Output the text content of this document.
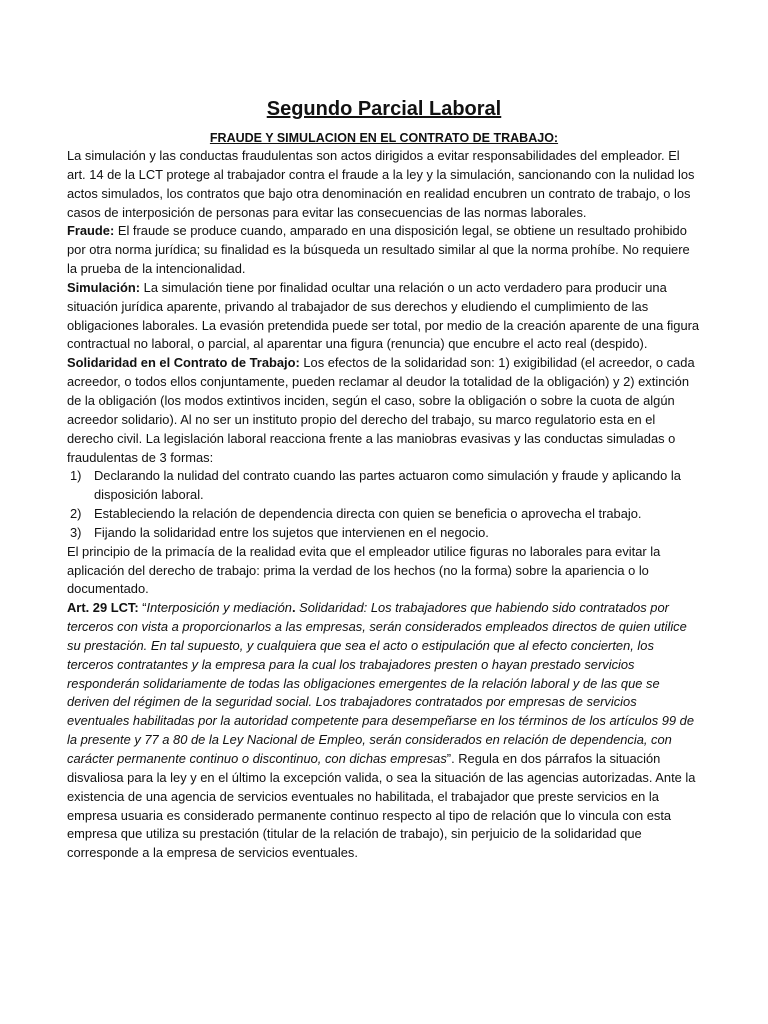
Segundo Parcial Laboral
FRAUDE Y SIMULACION EN EL CONTRATO DE TRABAJO:

La simulación y las conductas fraudulentas son actos dirigidos a evitar responsabilidades del empleador. El art. 14 de la LCT protege al trabajador contra el fraude a la ley y la simulación, sancionando con la nulidad los actos simulados, los contratos que bajo otra denominación en realidad encubren un contrato de trabajo, o los casos de interposición de personas para evitar las consecuencias de las normas laborales.

Fraude: El fraude se produce cuando, amparado en una disposición legal, se obtiene un resultado prohibido por otra norma jurídica; su finalidad es la búsqueda un resultado similar al que la norma prohíbe. No requiere la prueba de la intencionalidad.

Simulación: La simulación tiene por finalidad ocultar una relación o un acto verdadero para producir una situación jurídica aparente, privando al trabajador de sus derechos y eludiendo el cumplimiento de las obligaciones laborales. La evasión pretendida puede ser total, por medio de la creación aparente de una figura contractual no laboral, o parcial, al aparentar una figura (renuncia) que encubre el acto real (despido).

Solidaridad en el Contrato de Trabajo: Los efectos de la solidaridad son: 1) exigibilidad (el acreedor, o cada acreedor, o todos ellos conjuntamente, pueden reclamar al deudor la totalidad de la obligación) y 2) extinción de la obligación (los modos extintivos inciden, según el caso, sobre la obligación o sobre la cuota de algún acreedor solidario). Al no ser un instituto propio del derecho del trabajo, su marco regulatorio esta en el derecho civil. La legislación laboral reacciona frente a las maniobras evasivas y las conductas simuladas o fraudulentas de 3 formas:

1) Declarando la nulidad del contrato cuando las partes actuaron como simulación y fraude y aplicando la disposición laboral.
2) Estableciendo la relación de dependencia directa con quien se beneficia o aprovecha el trabajo.
3) Fijando la solidaridad entre los sujetos que intervienen en el negocio.

El principio de la primacía de la realidad evita que el empleador utilice figuras no laborales para evitar la aplicación del derecho de trabajo: prima la verdad de los hechos (no la forma) sobre la apariencia o lo documentado.

Art. 29 LCT: “Interposición y mediación. Solidaridad: Los trabajadores que habiendo sido contratados por terceros con vista a proporcionarlos a las empresas, serán considerados empleados directos de quien utilice su prestación. En tal supuesto, y cualquiera que sea el acto o estipulación que al efecto concierten, los terceros contratantes y la empresa para la cual los trabajadores presten o hayan prestado servicios responderán solidariamente de todas las obligaciones emergentes de la relación laboral y de las que se deriven del régimen de la seguridad social. Los trabajadores contratados por empresas de servicios eventuales habilitadas por la autoridad competente para desempeñarse en los términos de los artículos 99 de la presente y 77 a 80 de la Ley Nacional de Empleo, serán considerados en relación de dependencia, con carácter permanente continuo o discontinuo, con dichas empresas”. Regula en dos párrafos la situación disvaliosa para la ley y en el último la excepción valida, o sea la situación de las agencias autorizadas. Ante la existencia de una agencia de servicios eventuales no habilitada, el trabajador que preste servicios en la empresa usuaria es considerado permanente continuo respecto al tipo de relación que lo vincula con esta empresa que utiliza su prestación (titular de la relación de trabajo), sin perjuicio de la solidaridad que corresponde a la empresa de servicios eventuales.
